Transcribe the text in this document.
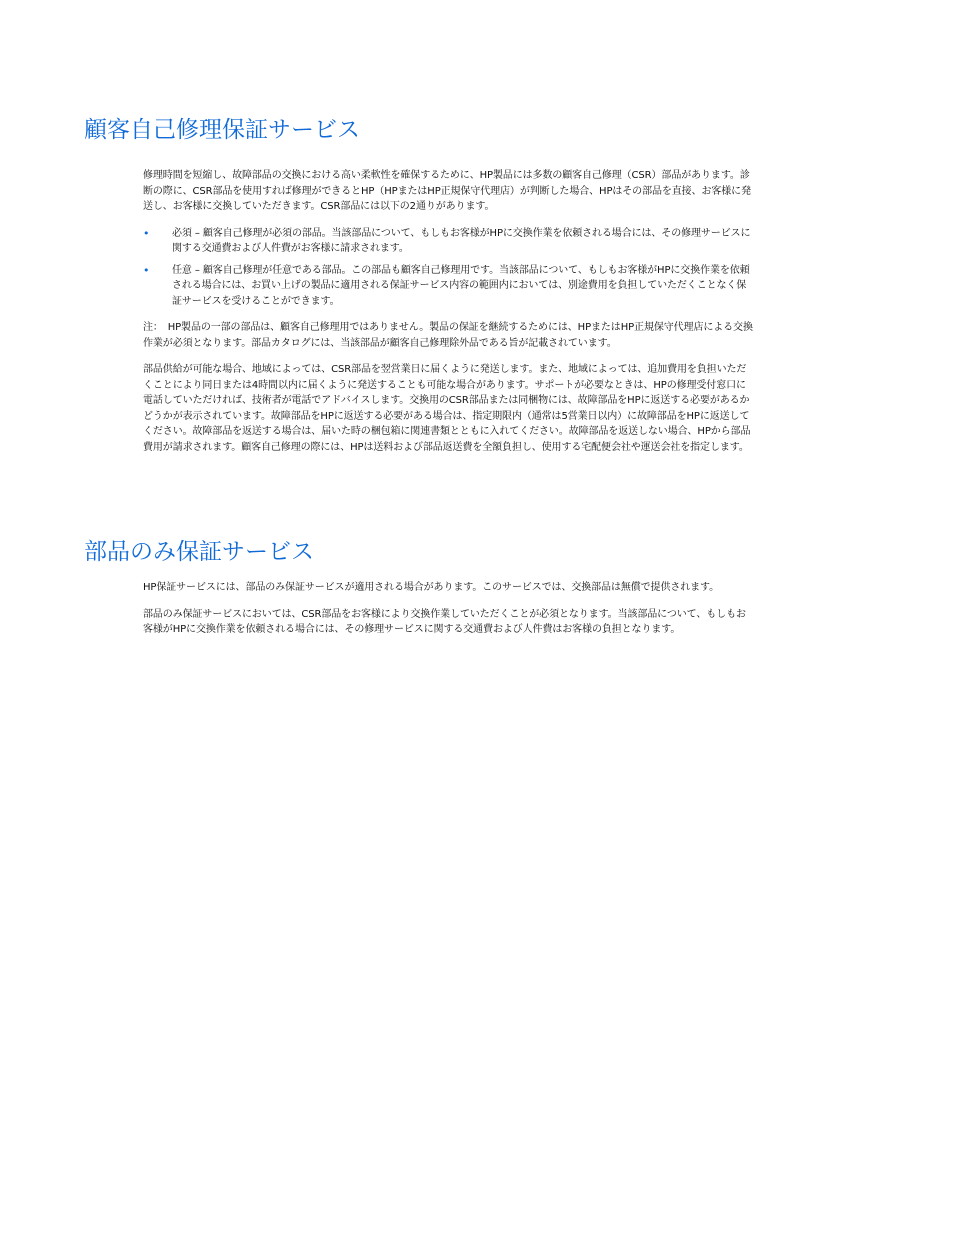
顧客自己修理保証サービス

修理時間を短縮し、故障部品の交換における高い柔軟性を確保するために、HP製品には多数の顧客自己修理（CSR）部品があります。診断の際に、CSR部品を使用すれば修理ができるとHP（HPまたはHP正規保守代理店）が判断した場合、HPはその部品を直接、お客様に発送し、お客様に交換していただきます。CSR部品には以下の2通りがあります。

• 必須 – 顧客自己修理が必須の部品。当該部品について、もしもお客様がHPに交換作業を依頼される場合には、その修理サービスに関する交通費および人件費がお客様に請求されます。
• 任意 – 顧客自己修理が任意である部品。この部品も顧客自己修理用です。当該部品について、もしもお客様がHPに交換作業を依頼される場合には、お買い上げの製品に適用される保証サービス内容の範囲内においては、別途費用を負担していただくことなく保証サービスを受けることができます。

注：　HP製品の一部の部品は、顧客自己修理用ではありません。製品の保証を継続するためには、HPまたはHP正規保守代理店による交換作業が必須となります。部品カタログには、当該部品が顧客自己修理除外品である旨が記載されています。

部品供給が可能な場合、地域によっては、CSR部品を翌営業日に届くように発送します。また、地域によっては、追加費用を負担いただくことにより同日または4時間以内に届くように発送することも可能な場合があります。サポートが必要なときは、HPの修理受付窓口に電話していただければ、技術者が電話でアドバイスします。交換用のCSR部品または同梱物には、故障部品をHPに返送する必要があるかどうかが表示されています。故障部品をHPに返送する必要がある場合は、指定期限内（通常は5営業日以内）に故障部品をHPに返送してください。故障部品を返送する場合は、届いた時の梱包箱に関連書類とともに入れてください。故障部品を返送しない場合、HPから部品費用が請求されます。顧客自己修理の際には、HPは送料および部品返送費を全額負担し、使用する宅配便会社や運送会社を指定します。

部品のみ保証サービス

HP保証サービスには、部品のみ保証サービスが適用される場合があります。このサービスでは、交換部品は無償で提供されます。

部品のみ保証サービスにおいては、CSR部品をお客様により交換作業していただくことが必須となります。当該部品について、もしもお客様がHPに交換作業を依頼される場合には、その修理サービスに関する交通費および人件費はお客様の負担となります。
